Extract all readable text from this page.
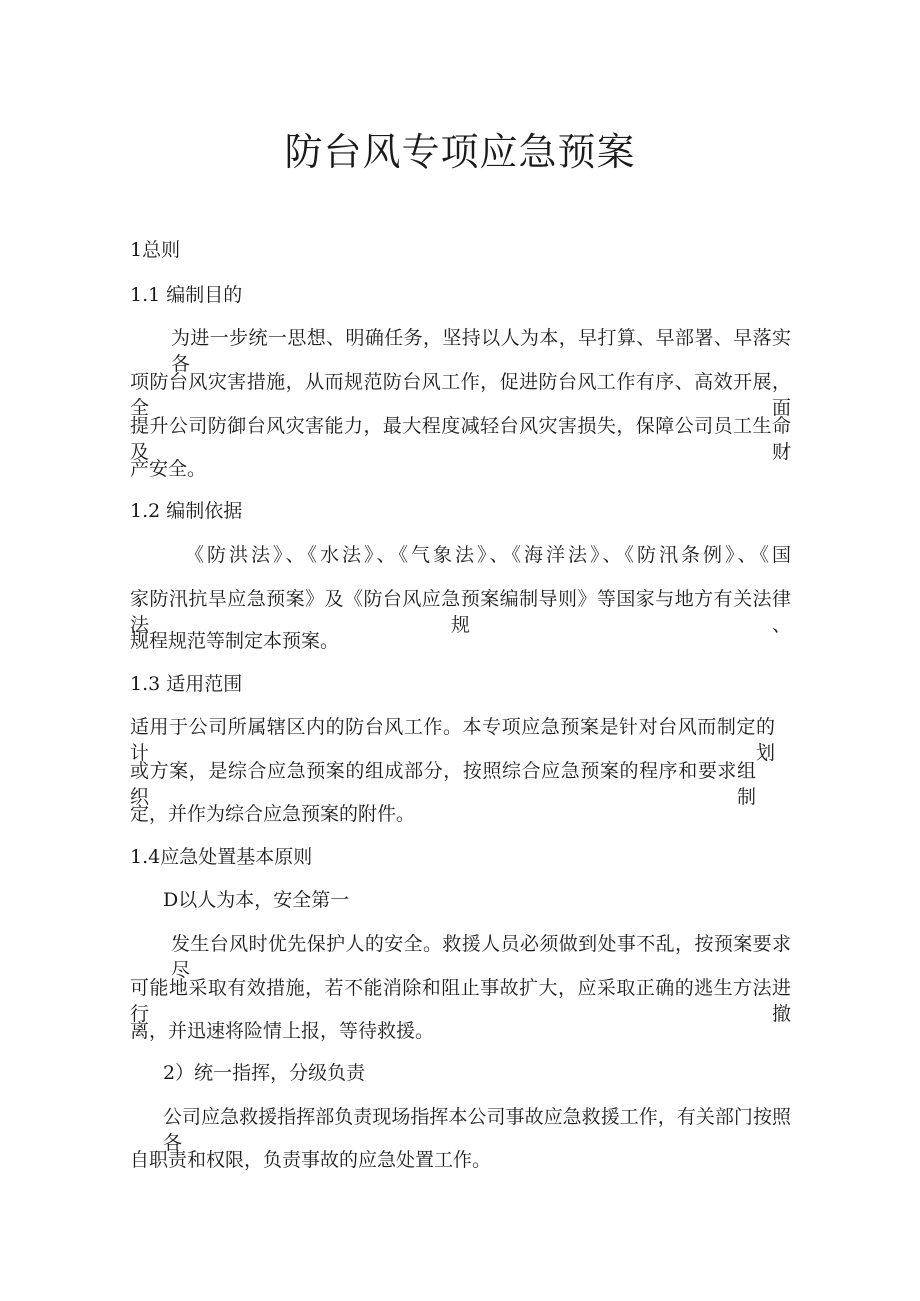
防台风专项应急预案

1总则

1.1 编制目的

为进一步统一思想、明确任务，坚持以人为本，早打算、早部署、早落实各

项防台风灾害措施，从而规范防台风工作，促进防台风工作有序、高效开展，全面

提升公司防御台风灾害能力，最大程度减轻台风灾害损失，保障公司员工生命及财

产安全。

1.2 编制依据

《防洪法》、《水法》、《气象法》、《海洋法》、《防汛条例》、《国

家防汛抗旱应急预案》及《防台风应急预案编制导则》等国家与地方有关法律法规、

规程规范等制定本预案。

1.3 适用范围

适用于公司所属辖区内的防台风工作。本专项应急预案是针对台风而制定的计划

或方案，是综合应急预案的组成部分，按照综合应急预案的程序和要求组织制

定，并作为综合应急预案的附件。

1.4应急处置基本原则

D以人为本，安全第一

发生台风时优先保护人的安全。救援人员必须做到处事不乱，按预案要求尽

可能地采取有效措施，若不能消除和阻止事故扩大，应采取正确的逃生方法进行撤

离，并迅速将险情上报，等待救援。

2）统一指挥，分级负责

公司应急救援指挥部负责现场指挥本公司事故应急救援工作，有关部门按照各

自职责和权限，负责事故的应急处置工作。
